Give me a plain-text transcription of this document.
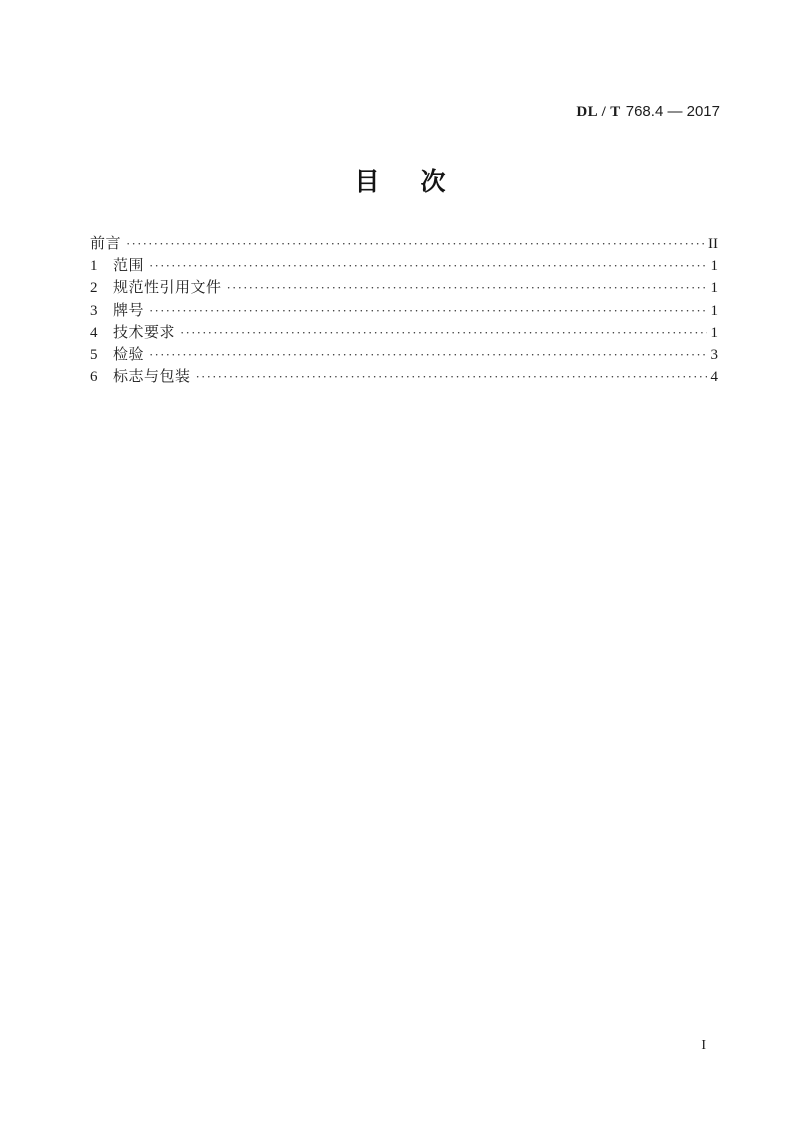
DL / T 768.4 — 2017
目　次
前言 ·····	II
1	范围 ·····	1
2	规范性引用文件 ·····	1
3	牌号 ·····	1
4	技术要求 ·····	1
5	检验 ·····	3
6	标志与包装 ·····	4
I
